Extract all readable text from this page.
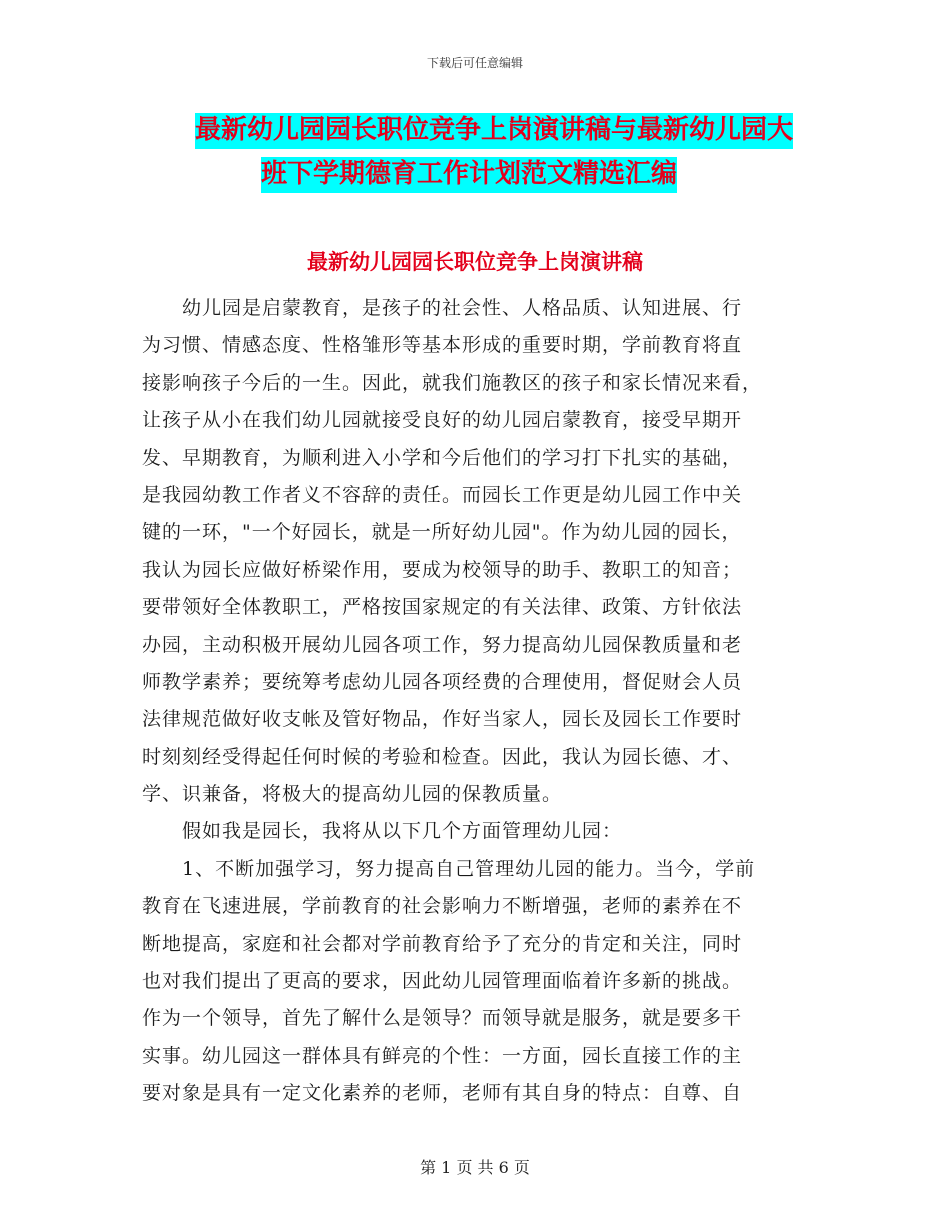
下载后可任意编辑
最新幼儿园园长职位竞争上岗演讲稿与最新幼儿园大
班下学期德育工作计划范文精选汇编
最新幼儿园园长职位竞争上岗演讲稿
　　幼儿园是启蒙教育，是孩子的社会性、人格品质、认知进展、行
为习惯、情感态度、性格雏形等基本形成的重要时期，学前教育将直
接影响孩子今后的一生。因此，就我们施教区的孩子和家长情况来看，
让孩子从小在我们幼儿园就接受良好的幼儿园启蒙教育，接受早期开
发、早期教育，为顺利进入小学和今后他们的学习打下扎实的基础，
是我园幼教工作者义不容辞的责任。而园长工作更是幼儿园工作中关
键的一环，"一个好园长，就是一所好幼儿园"。作为幼儿园的园长，
我认为园长应做好桥梁作用，要成为校领导的助手、教职工的知音；
要带领好全体教职工，严格按国家规定的有关法律、政策、方针依法
办园，主动积极开展幼儿园各项工作，努力提高幼儿园保教质量和老
师教学素养；要统筹考虑幼儿园各项经费的合理使用，督促财会人员
法律规范做好收支帐及管好物品，作好当家人，园长及园长工作要时
时刻刻经受得起任何时候的考验和检查。因此，我认为园长德、才、
学、识兼备，将极大的提高幼儿园的保教质量。
　　假如我是园长，我将从以下几个方面管理幼儿园：
　　1、不断加强学习，努力提高自己管理幼儿园的能力。当今，学前
教育在飞速进展，学前教育的社会影响力不断增强，老师的素养在不
断地提高，家庭和社会都对学前教育给予了充分的肯定和关注，同时
也对我们提出了更高的要求，因此幼儿园管理面临着许多新的挑战。
作为一个领导，首先了解什么是领导？而领导就是服务，就是要多干
实事。幼儿园这一群体具有鲜亮的个性：一方面，园长直接工作的主
要对象是具有一定文化素养的老师，老师有其自身的特点：自尊、自
第 1 页 共 6 页
